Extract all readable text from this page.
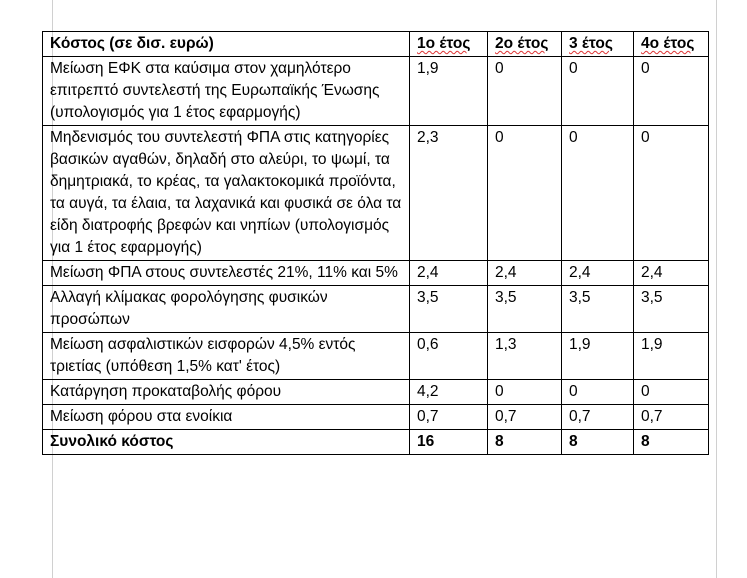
Κόστος (σε δισ. ευρώ)	1ο έτος	2ο έτος	3 έτος	4ο έτος
Μείωση ΕΦΚ στα καύσιμα στον χαμηλότερο επιτρεπτό συντελεστή της Ευρωπαϊκής Ένωσης (υπολογισμός για 1 έτος εφαρμογής)	1,9	0	0	0
Μηδενισμός του συντελεστή ΦΠΑ στις κατηγορίες βασικών αγαθών, δηλαδή στο αλεύρι, το ψωμί, τα δημητριακά, το κρέας, τα γαλακτοκομικά προϊόντα, τα αυγά, τα έλαια, τα λαχανικά και φυσικά σε όλα τα είδη διατροφής βρεφών και νηπίων (υπολογισμός για 1 έτος εφαρμογής)	2,3	0	0	0
Μείωση ΦΠΑ στους συντελεστές 21%, 11% και 5%	2,4	2,4	2,4	2,4
Αλλαγή κλίμακας φορολόγησης φυσικών προσώπων	3,5	3,5	3,5	3,5
Μείωση ασφαλιστικών εισφορών 4,5% εντός τριετίας (υπόθεση 1,5% κατ' έτος)	0,6	1,3	1,9	1,9
Κατάργηση προκαταβολής φόρου	4,2	0	0	0
Μείωση φόρου στα ενοίκια	0,7	0,7	0,7	0,7
Συνολικό κόστος	16	8	8	8
